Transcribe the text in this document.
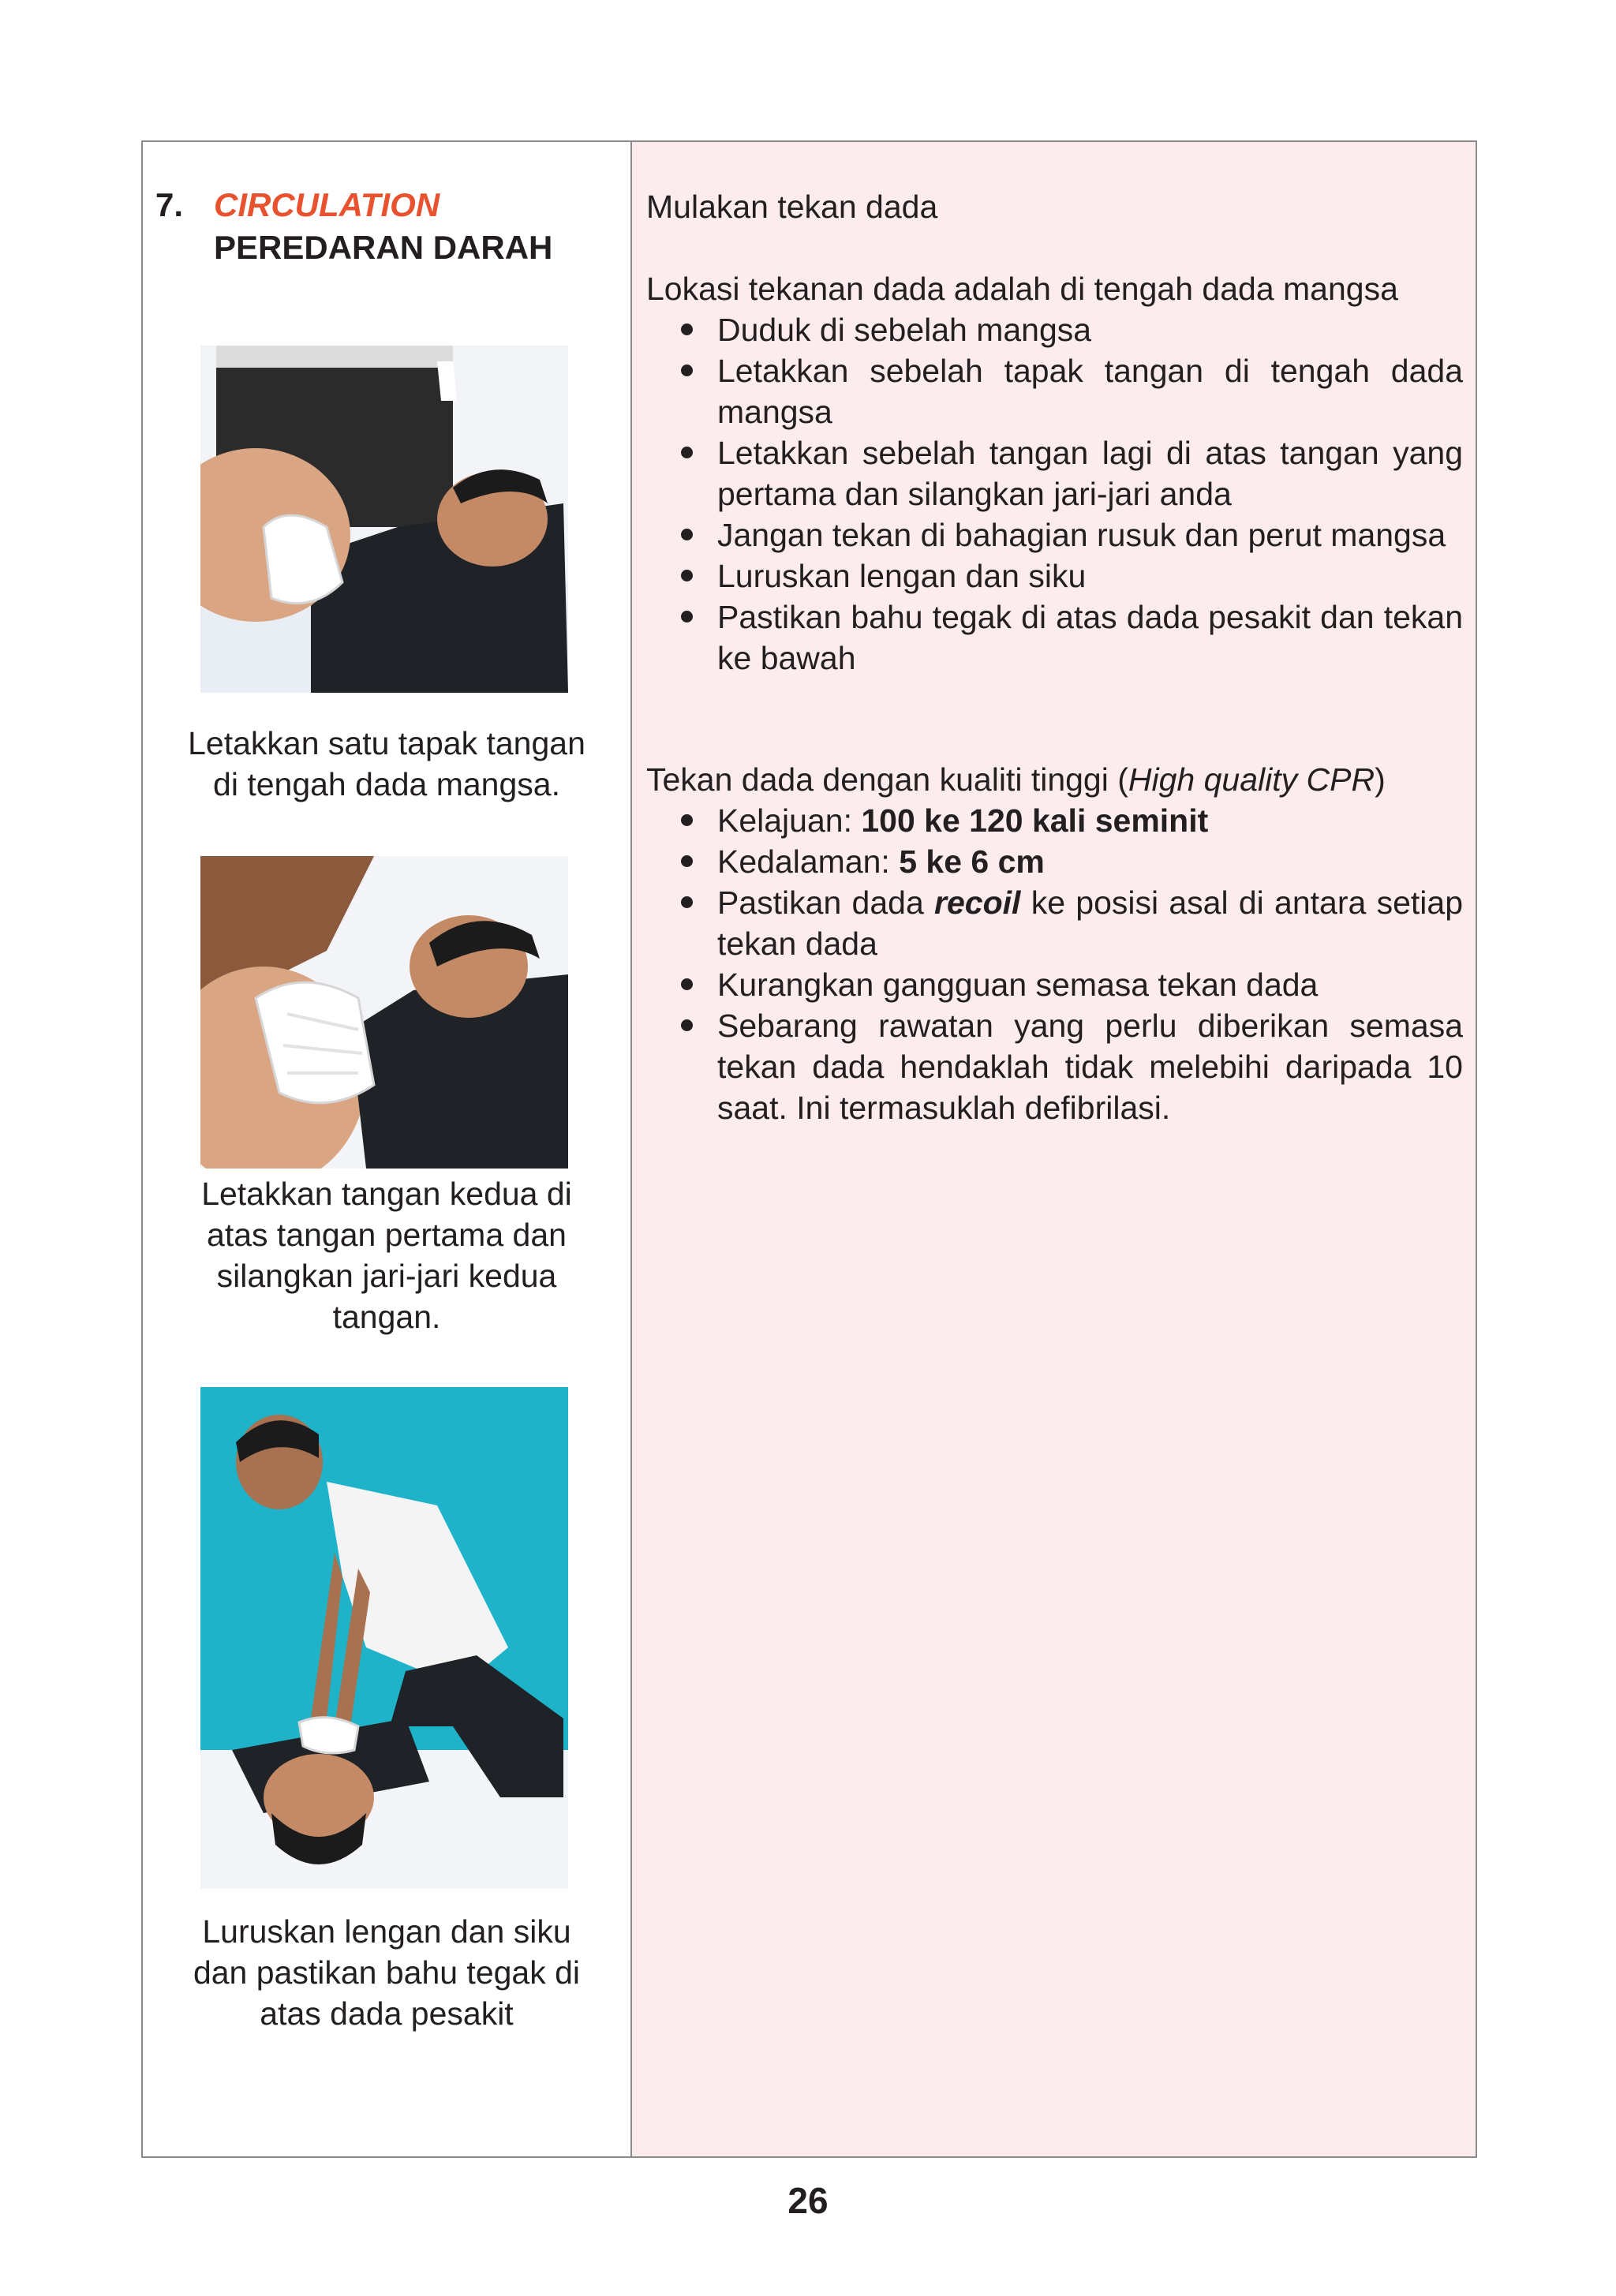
7. CIRCULATION
PEREDARAN DARAH
Letakkan satu tapak tangan
di tengah dada mangsa.
Letakkan tangan kedua di
atas tangan pertama dan
silangkan jari-jari kedua
tangan.
Luruskan lengan dan siku
dan pastikan bahu tegak di
atas dada pesakit
Mulakan tekan dada
Lokasi tekanan dada adalah di tengah dada mangsa
Duduk di sebelah mangsa
Letakkan sebelah tapak tangan di tengah dada mangsa
Letakkan sebelah tangan lagi di atas tangan yang pertama dan silangkan jari-jari anda
Jangan tekan di bahagian rusuk dan perut mangsa
Luruskan lengan dan siku
Pastikan bahu tegak di atas dada pesakit dan tekan ke bawah
Tekan dada dengan kualiti tinggi (High quality CPR)
Kelajuan: 100 ke 120 kali seminit
Kedalaman: 5 ke 6 cm
Pastikan dada recoil ke posisi asal di antara setiap tekan dada
Kurangkan gangguan semasa tekan dada
Sebarang rawatan yang perlu diberikan semasa tekan dada hendaklah tidak melebihi daripada 10 saat. Ini termasuklah defibrilasi.
26
